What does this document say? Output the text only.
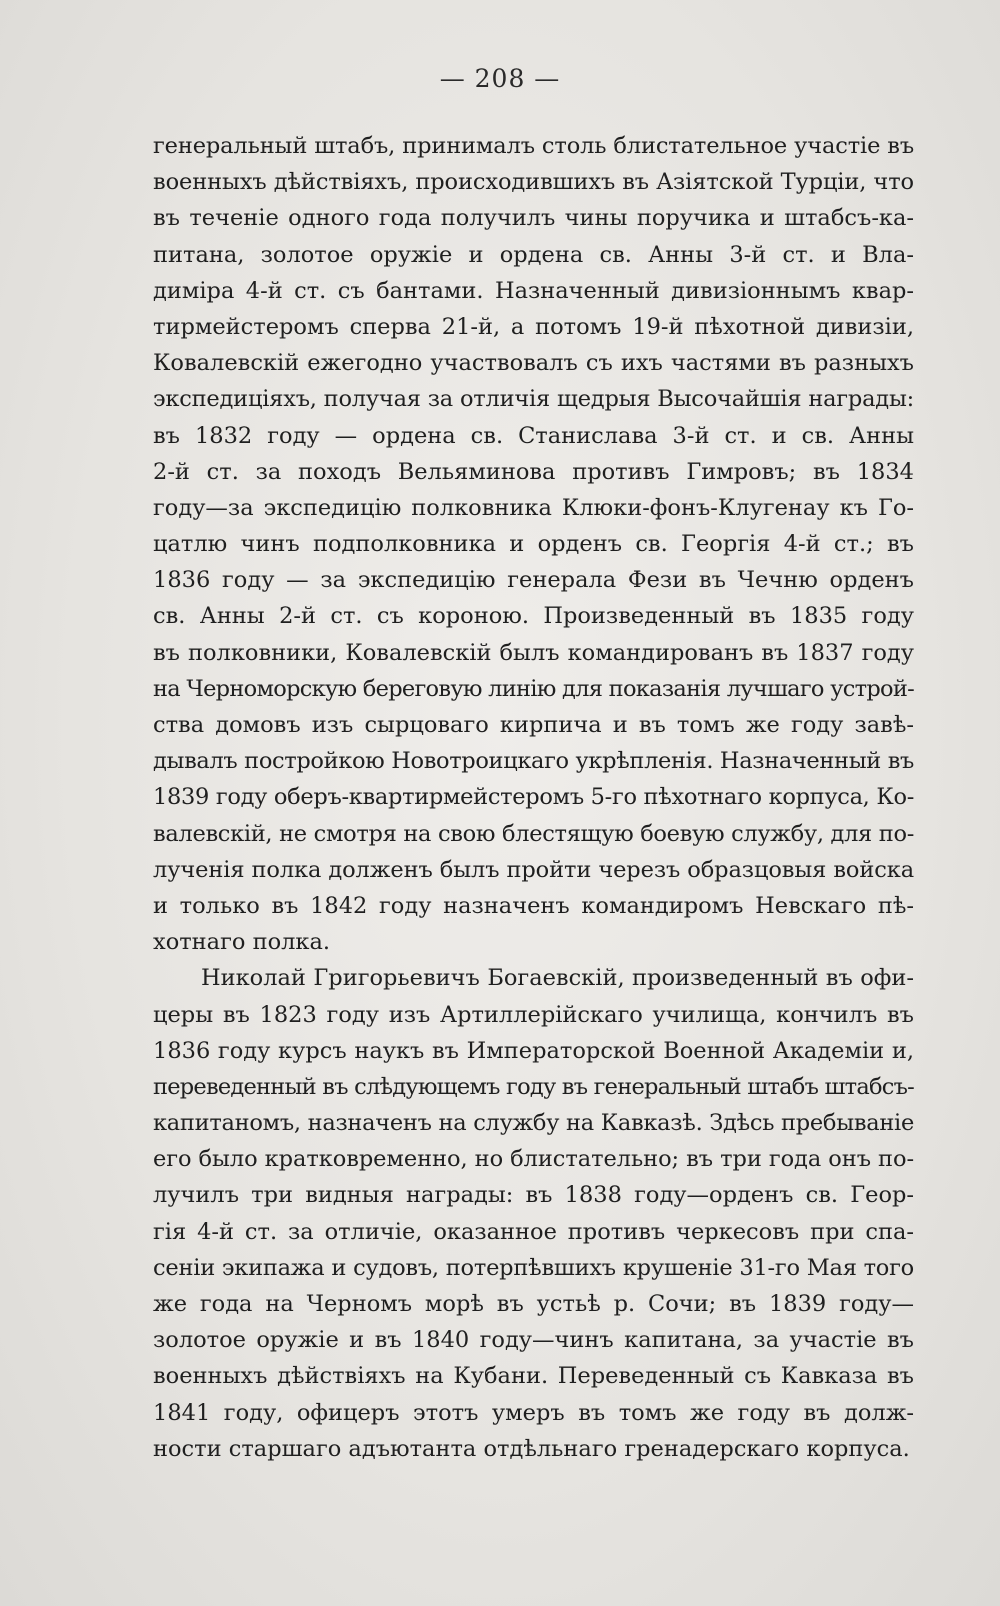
— 208 —
генеральный штабъ, принималъ столь блистательное участіе въ
военныхъ дѣйствіяхъ, происходившихъ въ Азіятской Турціи, что
въ теченіе одного года получилъ чины поручика и штабсъ-ка-
питана, золотое оружіе и ордена св. Анны 3-й ст. и Вла-
диміра 4-й ст. съ бантами. Назначенный дивизіоннымъ квар-
тирмейстеромъ сперва 21-й, а потомъ 19-й пѣхотной дивизіи,
Ковалевскій ежегодно участвовалъ съ ихъ частями въ разныхъ
экспедиціяхъ, получая за отличія щедрыя Высочайшія награды:
въ 1832 году — ордена св. Станислава 3-й ст. и св. Анны
2-й ст. за походъ Вельяминова противъ Гимровъ; въ 1834
году—за экспедицію полковника Клюки-фонъ-Клугенау къ Го-
цатлю чинъ подполковника и орденъ св. Георгія 4-й ст.; въ
1836 году — за экспедицію генерала Фези въ Чечню орденъ
св. Анны 2-й ст. съ короною. Произведенный въ 1835 году
въ полковники, Ковалевскій былъ командированъ въ 1837 году
на Черноморскую береговую линію для показанія лучшаго устрой-
ства домовъ изъ сырцоваго кирпича и въ томъ же году завѣ-
дывалъ постройкою Новотроицкаго укрѣпленія. Назначенный въ
1839 году оберъ-квартирмейстеромъ 5-го пѣхотнаго корпуса, Ко-
валевскій, не смотря на свою блестящую боевую службу, для по-
лученія полка долженъ былъ пройти черезъ образцовыя войска
и только въ 1842 году назначенъ командиромъ Невскаго пѣ-
хотнаго полка.
Николай Григорьевичъ Богаевскій, произведенный въ офи-
церы въ 1823 году изъ Артиллерійскаго училища, кончилъ въ
1836 году курсъ наукъ въ Императорской Военной Академіи и,
переведенный въ слѣдующемъ году въ генеральный штабъ штабсъ-
капитаномъ, назначенъ на службу на Кавказѣ. Здѣсь пребываніе
его было кратковременно, но блистательно; въ три года онъ по-
лучилъ три видныя награды: въ 1838 году—орденъ св. Геор-
гія 4-й ст. за отличіе, оказанное противъ черкесовъ при спа-
сеніи экипажа и судовъ, потерпѣвшихъ крушеніе 31-го Мая того
же года на Черномъ морѣ въ устьѣ р. Сочи; въ 1839 году—
золотое оружіе и въ 1840 году—чинъ капитана, за участіе въ
военныхъ дѣйствіяхъ на Кубани. Переведенный съ Кавказа въ
1841 году, офицеръ этотъ умеръ въ томъ же году въ долж-
ности старшаго адъютанта отдѣльнаго гренадерскаго корпуса.
